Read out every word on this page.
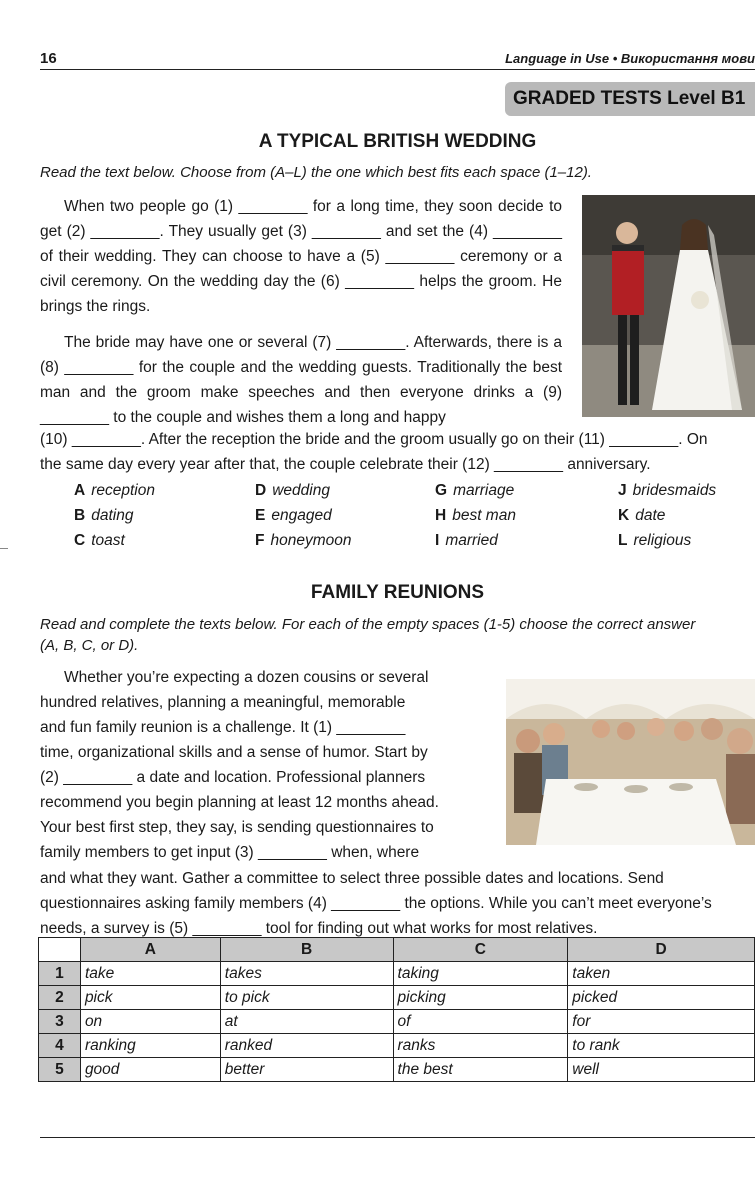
16	Language in Use • Використання мови
GRADED TESTS Level B1
A TYPICAL BRITISH WEDDING
Read the text below. Choose from (A–L) the one which best fits each space (1–12).
When two people go (1) ________ for a long time, they soon decide to get (2) ________. They usually get (3) ________ and set the (4) ________ of their wedding. They can choose to have a (5) ________ ceremony or a civil ceremony. On the wedding day the (6) ________ helps the groom. He brings the rings.
The bride may have one or several (7) ________. Afterwards, there is a (8) ________ for the couple and the wedding guests. Traditionally the best man and the groom make speeches and then everyone drinks a (9) ________ to the couple and wishes them a long and happy
(10) ________. After the reception the bride and the groom usually go on their (11) ________. On
the same day every year after that, the couple celebrate their (12) ________ anniversary.
A reception	D wedding	G marriage	J bridesmaids
B dating	E engaged	H best man	K date
C toast	F honeymoon	I married	L religious
FAMILY REUNIONS
Read and complete the texts below. For each of the empty spaces (1-5) choose the correct answer
(A, B, C, or D).
Whether you’re expecting a dozen cousins or several
hundred relatives, planning a meaningful, memorable
and fun family reunion is a challenge. It (1) ________
time, organizational skills and a sense of humor. Start by
(2) ________ a date and location. Professional planners
recommend you begin planning at least 12 months ahead.
Your best first step, they say, is sending questionnaires to
family members to get input (3) ________ when, where
and what they want. Gather a committee to select three possible dates and locations. Send
questionnaires asking family members (4) ________ the options. While you can’t meet everyone’s
needs, a survey is (5) ________ tool for finding out what works for most relatives.
	A	B	C	D
1	take	takes	taking	taken
2	pick	to pick	picking	picked
3	on	at	of	for
4	ranking	ranked	ranks	to rank
5	good	better	the best	well
